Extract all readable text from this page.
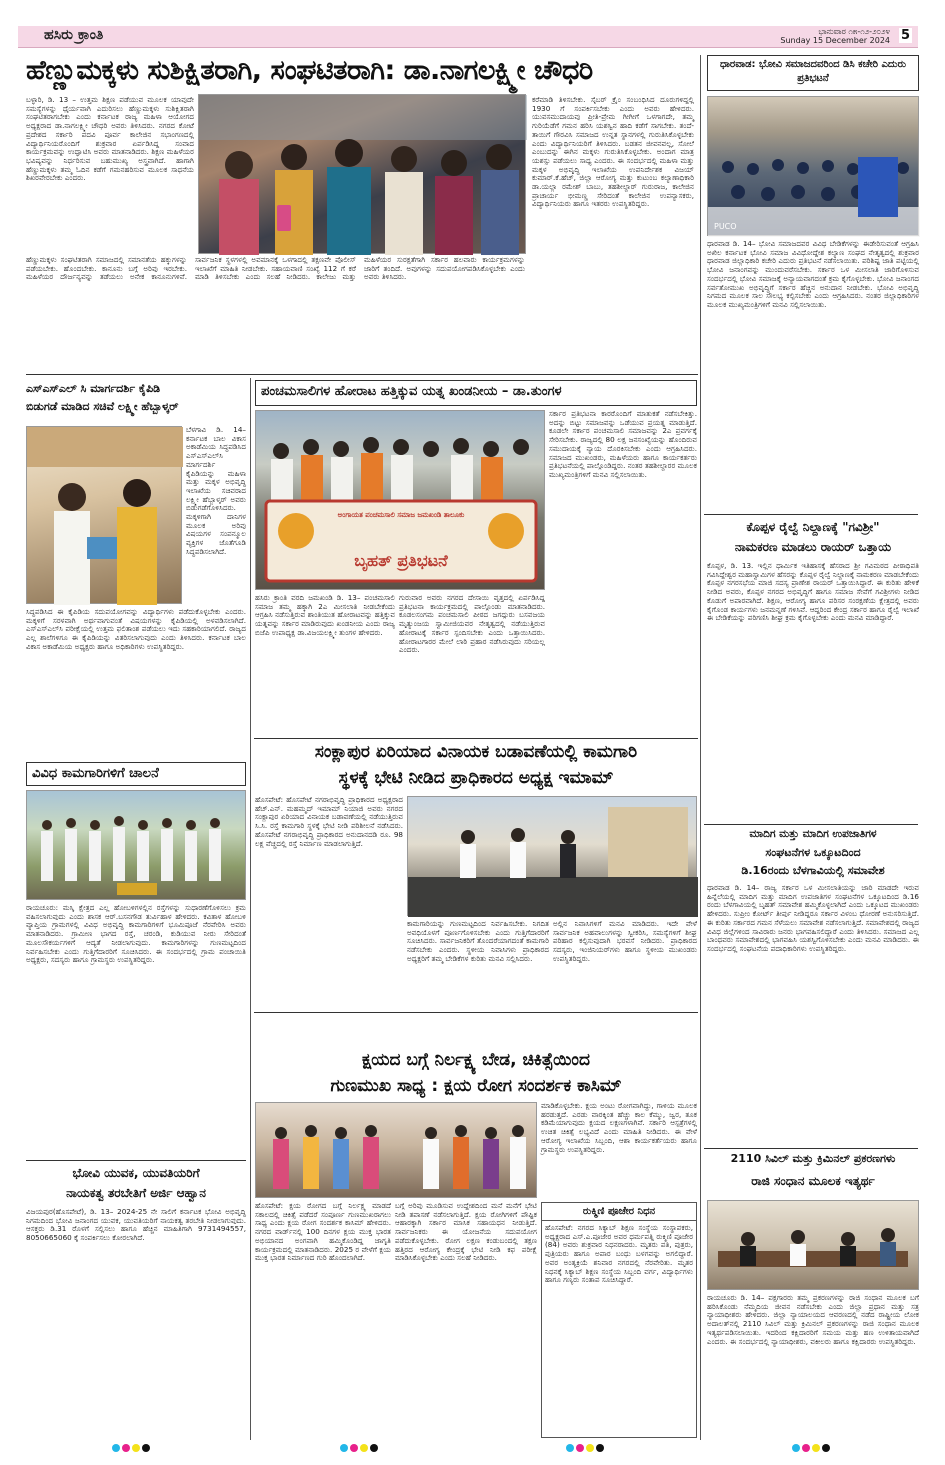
ಹಸಿರು ಕ್ರಾಂತಿ	ಭಾನುವಾರ ೧೫-೧೨-೨೦೨೪
Sunday 15 December 2024 5
ಹೆಣ್ಣುಮಕ್ಕಳು ಸುಶಿಕ್ಷಿತರಾಗಿ, ಸಂಘಟಿತರಾಗಿ: ಡಾ.ನಾಗಲಕ್ಷ್ಮೀ ಚೌಧರಿ
ಬಳ್ಳಾರಿ, ಡಿ. 13 – ಉತ್ತಮ ಶಿಕ್ಷಣ ಪಡೆಯುವ ಮೂಲಕ ಯಾವುದೇ ಸಮಸ್ಯೆಗಳನ್ನು ಧೈರ್ಯವಾಗಿ ಎದುರಿಸಲು ಹೆಣ್ಣುಮಕ್ಕಳು ಸುಶಿಕ್ಷಿತರಾಗಿ ಸಂಘಟಿತರಾಗಬೇಕು ಎಂದು ಕರ್ನಾಟಕ ರಾಜ್ಯ ಮಹಿಳಾ ಆಯೋಗದ ಅಧ್ಯಕ್ಷರಾದ ಡಾ.ನಾಗಲಕ್ಷ್ಮೀ ಚೌಧರಿ ಅವರು ತಿಳಿಸಿದರು. ನಗರದ ಕೋಟೆ ಪ್ರದೇಶದ ಸರ್ಕಾರಿ ಪದವಿ ಪೂರ್ವ ಕಾಲೇಜಿನ ಸಭಾಂಗಣದಲ್ಲಿ ವಿದ್ಯಾರ್ಥಿನಿಯರೊಂದಿಗೆ ಶುಕ್ರವಾರ ಏರ್ಪಡಿಸಿದ್ದ ಸಂವಾದ ಕಾರ್ಯಕ್ರಮವನ್ನು ಉದ್ಘಾಟಿಸಿ ಅವರು ಮಾತನಾಡಿದರು. ಶಿಕ್ಷಣ ಮಹಿಳೆಯರ ಭವಿಷ್ಯವನ್ನು ನಿರ್ಧರಿಸುವ ಬಹುಮುಖ್ಯ ಅಸ್ತ್ರವಾಗಿದೆ. ಹಾಗಾಗಿ ಹೆಣ್ಣುಮಕ್ಕಳು ತಮ್ಮ ಓದಿನ ಕಡೆಗೆ ಗಮನಹರಿಸುವ ಮೂಲಕ ಸಾಧನೆಯ ಶಿಖರವೇರಬೇಕು ಎಂದರು.
ಕರೆಮಾಡಿ ತಿಳಿಸಬೇಕು. ಸೈಬರ್ ಕ್ರೈಂ ಸಂಬಂಧಿಸಿದ ದೂರುಗಳಿದ್ದಲ್ಲಿ 1930 ಗೆ ಸಂಪರ್ಕಿಸಬೇಕು ಎಂದು ಅವರು ಹೇಳಿದರು. ಯುವಸಮುದಾಯವು ಪ್ರೀತಿ-ಪ್ರೇಮ ಗೀಗೀಗೆ ಒಳಗಾಗದೇ, ತಮ್ಮ ಗುರಿಯೆಡೆಗೆ ಗಮನ ಹರಿಸಿ ಯಶಸ್ವಿನ ಹಾದಿ ಕಡೆಗೆ ಸಾಗಬೇಕು. ತಂದೆ-ತಾಯಿಗೆ ಗೌರವಿಸಿ ಸಮಾಜದ ಉನ್ನತ ಸ್ಥಾನಗಳಲ್ಲಿ ಗುರುತಿಸಿಕೊಳ್ಳಬೇಕು ಎಂದು ವಿದ್ಯಾರ್ಥಿನಿಯರಿಗೆ ತಿಳಿಸಿದರು. ಬಡತನ ಜೀವನವಲ್ಲ, ಸೋಲೆ ಎಂಬುದನ್ನು ಈಗಿನ ಮಕ್ಕಳು ಗುರುತಿಸಿಕೊಳ್ಳಬೇಕು. ಅಂದಾಗ ಮಾತ್ರ ಯಶಸ್ಸು ಪಡೆಯಲು ಸಾಧ್ಯ ಎಂದರು. ಈ ಸಂದರ್ಭದಲ್ಲಿ ಮಹಿಳಾ ಮತ್ತು ಮಕ್ಕಳ ಅಭಿವೃದ್ಧಿ ಇಲಾಖೆಯ ಉಪನಿರ್ದೇಶಕ ವಿಜಯ್ ಕುಮಾರ್.ಕೆ.ಹೆಚ್, ಜಿಲ್ಲಾ ಆರೋಗ್ಯ ಮತ್ತು ಕುಟುಂಬ ಕಲ್ಯಾಣಾಧಿಕಾರಿ ಡಾ.ಯಲ್ಲಾ ರಮೇಶ್ ಬಾಬು, ತಹಶೀಲ್ದಾರ್ ಗುರುರಾಜ, ಕಾಲೇಜಿನ ಪ್ರಾಚಾರ್ಯ ಭೀಮಣ್ಣ ಸೇರಿದಂತೆ ಕಾಲೇಜಿನ ಉಪನ್ಯಾಸಕರು, ವಿದ್ಯಾರ್ಥಿನಿಯರು ಹಾಗೂ ಇತರರು ಉಪಸ್ಥಿತರಿದ್ದರು.
ಹೆಣ್ಣುಮಕ್ಕಳು ಸಂಘಟಿತರಾಗಿ ಸಮಾಜದಲ್ಲಿ ಸಮಾನತೆಯ ಹಕ್ಕುಗಳನ್ನು ಪಡೆಯಬೇಕು. ಹೊಂದಬೇಕು. ಕಾನೂನು ಬಗ್ಗೆ ಅರಿವು ಇರಬೇಕು. ಮಹಿಳೆಯರ ದೌರ್ಜನ್ಯವನ್ನು ತಡೆಯಲು ಅನೇಕ ಕಾನೂನುಗಳಿವೆ. ಸಾರ್ವಜನಿಕ ಸ್ಥಳಗಳಲ್ಲಿ ಅವಮಾನಕ್ಕೆ ಒಳಗಾದಲ್ಲಿ ತಕ್ಷಣವೇ ಪೊಲೀಸ್ ಇಲಾಖೆಗೆ ಮಾಹಿತಿ ನೀಡಬೇಕು. ಸಹಾಯವಾಣಿ ಸಂಖ್ಯೆ 112 ಗೆ ಕರೆ ಮಾಡಿ ತಿಳಿಸಬೇಕು ಎಂದು ಸಲಹೆ ನೀಡಿದರು. ಕಾಲೇಜು ಮತ್ತು ಮಹಿಳೆಯರ ಸುರಕ್ಷತೆಗಾಗಿ ಸರ್ಕಾರ ಹಲವಾರು ಕಾರ್ಯಕ್ರಮಗಳನ್ನು ಜಾರಿಗೆ ತಂದಿದೆ. ಅವುಗಳನ್ನು ಸದುಪಯೋಗಪಡಿಸಿಕೊಳ್ಳಬೇಕು ಎಂದು ಅವರು ತಿಳಿಸಿದರು.
ಧಾರವಾಡ: ಭೋವಿ ಸಮಾಜದವರಿಂದ ಡಿಸಿ ಕಚೇರಿ ಎದುರು ಪ್ರತಿಭಟನೆ
PUCO
ಧಾರವಾಡ ಡಿ. 14– ಭೋವಿ ಸಮಾಜದವರ ವಿವಿಧ ಬೇಡಿಕೆಗಳನ್ನು ಈಡೇರಿಸುವಂತೆ ಆಗ್ರಹಿಸಿ ಅಖಿಲ ಕರ್ನಾಟಕ ಭೋವಿ ಸಮಾಜ ವಿವಿಧೋದ್ದೇಶ ಕಲ್ಯಾಣ ಸಂಘದ ನೇತೃತ್ವದಲ್ಲಿ ಶುಕ್ರವಾರ ಧಾರವಾಡ ಜಿಲ್ಲಾಧಿಕಾರಿ ಕಚೇರಿ ಎದುರು ಪ್ರತಿಭಟನೆ ನಡೆಸಲಾಯಿತು. ಪರಿಶಿಷ್ಟ ಜಾತಿ ಪಟ್ಟಿಯಲ್ಲಿ ಭೋವಿ ಜನಾಂಗವನ್ನು ಮುಂದುವರೆಸಬೇಕು. ಸರ್ಕಾರ ಒಳ ಮೀಸಲಾತಿ ಜಾರಿಗೊಳಿಸುವ ಸಂದರ್ಭದಲ್ಲಿ ಭೋವಿ ಸಮಾಜಕ್ಕೆ ಅನ್ಯಾಯವಾಗದಂತೆ ಕ್ರಮ ಕೈಗೊಳ್ಳಬೇಕು. ಭೋವಿ ಜನಾಂಗದ ಸರ್ವತೋಮುಖ ಅಭಿವೃದ್ಧಿಗೆ ಸರ್ಕಾರ ಹೆಚ್ಚಿನ ಅನುದಾನ ನೀಡಬೇಕು. ಭೋವಿ ಅಭಿವೃದ್ಧಿ ನಿಗಮದ ಮೂಲಕ ಸಾಲ ಸೌಲಭ್ಯ ಕಲ್ಪಿಸಬೇಕು ಎಂದು ಆಗ್ರಹಿಸಿದರು. ನಂತರ ಜಿಲ್ಲಾಧಿಕಾರಿಗಳ ಮೂಲಕ ಮುಖ್ಯಮಂತ್ರಿಗಳಿಗೆ ಮನವಿ ಸಲ್ಲಿಸಲಾಯಿತು.
ಕೊಪ್ಪಳ ರೈಲ್ವೆ ನಿಲ್ದಾಣಕ್ಕೆ "ಗವಿಶ್ರೀ"
ನಾಮಕರಣ ಮಾಡಲು ರಾಯರ್ ಒತ್ತಾಯ
ಕೊಪ್ಪಳ, ಡಿ. 13. ಇಲ್ಲಿನ ಧಾರ್ಮಿಕ ಇತಿಹಾಸಕ್ಕೆ ಹೆಸರಾದ ಶ್ರೀ ಗವಿಮಠದ ಪೀಠಾಧಿಪತಿ ಗವಿಸಿದ್ದೇಶ್ವರ ಮಹಾಸ್ವಾಮಿಗಳ ಹೆಸರನ್ನು ಕೊಪ್ಪಳ ರೈಲ್ವೆ ನಿಲ್ದಾಣಕ್ಕೆ ನಾಮಕರಣ ಮಾಡಬೇಕೆಂದು ಕೊಪ್ಪಳ ನಗರಸಭೆಯ ಮಾಜಿ ಸದಸ್ಯ ಪ್ರಾಣೇಶ ರಾಯರ್ ಒತ್ತಾಯಿಸಿದ್ದಾರೆ. ಈ ಕುರಿತು ಹೇಳಿಕೆ ನೀಡಿದ ಅವರು, ಕೊಪ್ಪಳ ನಗರದ ಅಭಿವೃದ್ಧಿಗೆ ಹಾಗೂ ಸಮಾಜ ಸೇವೆಗೆ ಗವಿಶ್ರೀಗಳು ನೀಡಿದ ಕೊಡುಗೆ ಅಪಾರವಾಗಿದೆ. ಶಿಕ್ಷಣ, ಆರೋಗ್ಯ ಹಾಗೂ ಪರಿಸರ ಸಂರಕ್ಷಣೆಯ ಕ್ಷೇತ್ರದಲ್ಲಿ ಅವರು ಕೈಗೊಂಡ ಕಾರ್ಯಗಳು ಜನಮನ್ನಣೆ ಗಳಿಸಿವೆ. ಆದ್ದರಿಂದ ಕೇಂದ್ರ ಸರ್ಕಾರ ಹಾಗೂ ರೈಲ್ವೆ ಇಲಾಖೆ ಈ ಬೇಡಿಕೆಯನ್ನು ಪರಿಗಣಿಸಿ ಶೀಘ್ರ ಕ್ರಮ ಕೈಗೊಳ್ಳಬೇಕು ಎಂದು ಮನವಿ ಮಾಡಿದ್ದಾರೆ.
ಮಾದಿಗ ಮತ್ತು ಮಾದಿಗ ಉಪಜಾತಿಗಳ
ಸಂಘಟನೆಗಳ ಒಕ್ಕೂಟದಿಂದ
ಡಿ.16ರಂದು ಬೆಳಗಾವಿಯಲ್ಲಿ ಸಮಾವೇಶ
ಧಾರವಾಡ ಡಿ. 14– ರಾಜ್ಯ ಸರ್ಕಾರ ಒಳ ಮೀಸಲಾತಿಯನ್ನು ಜಾರಿ ಮಾಡದೇ ಇರುವ ಹಿನ್ನೆಲೆಯಲ್ಲಿ ಮಾದಿಗ ಮತ್ತು ಮಾದಿಗ ಉಪಜಾತಿಗಳ ಸಂಘಟನೆಗಳ ಒಕ್ಕೂಟದಿಂದ ಡಿ.16 ರಂದು ಬೆಳಗಾವಿಯಲ್ಲಿ ಬೃಹತ್ ಸಮಾವೇಶ ಹಮ್ಮಿಕೊಳ್ಳಲಾಗಿದೆ ಎಂದು ಒಕ್ಕೂಟದ ಮುಖಂಡರು ಹೇಳಿದರು. ಸುಪ್ರೀಂ ಕೋರ್ಟ್ ತೀರ್ಪು ನೀಡಿದ್ದರೂ ಸರ್ಕಾರ ವಿಳಂಬ ಧೋರಣೆ ಅನುಸರಿಸುತ್ತಿದೆ. ಈ ಕುರಿತು ಸರ್ಕಾರದ ಗಮನ ಸೆಳೆಯಲು ಸಮಾವೇಶ ನಡೆಸಲಾಗುತ್ತಿದೆ. ಸಮಾವೇಶದಲ್ಲಿ ರಾಜ್ಯದ ವಿವಿಧ ಜಿಲ್ಲೆಗಳಿಂದ ಸಾವಿರಾರು ಜನರು ಭಾಗವಹಿಸಲಿದ್ದಾರೆ ಎಂದು ತಿಳಿಸಿದರು. ಸಮಾಜದ ಎಲ್ಲ ಬಾಂಧವರು ಸಮಾವೇಶದಲ್ಲಿ ಭಾಗವಹಿಸಿ ಯಶಸ್ವಿಗೊಳಿಸಬೇಕು ಎಂದು ಮನವಿ ಮಾಡಿದರು. ಈ ಸಂದರ್ಭದಲ್ಲಿ ಸಂಘಟನೆಯ ಪದಾಧಿಕಾರಿಗಳು ಉಪಸ್ಥಿತರಿದ್ದರು.
2110 ಸಿವಿಲ್ ಮತ್ತು ಕ್ರಿಮಿನಲ್ ಪ್ರಕರಣಗಳು
ರಾಜಿ ಸಂಧಾನ ಮೂಲಕ ಇತ್ಯರ್ಥ
ರಾಯಚೂರು ಡಿ. 14– ಪಕ್ಷಗಾರರು ತಮ್ಮ ಪ್ರಕರಣಗಳನ್ನು ರಾಜಿ ಸಂಧಾನ ಮೂಲಕ ಬಗೆ ಹರಿಸಿಕೊಂಡು ನೆಮ್ಮದಿಯ ಜೀವನ ನಡೆಸಬೇಕು ಎಂದು ಜಿಲ್ಲಾ ಪ್ರಧಾನ ಮತ್ತು ಸತ್ರ ನ್ಯಾಯಾಧೀಶರು ಹೇಳಿದರು. ಜಿಲ್ಲಾ ನ್ಯಾಯಾಲಯದ ಆವರಣದಲ್ಲಿ ನಡೆದ ರಾಷ್ಟ್ರೀಯ ಲೋಕ ಅದಾಲತ್‌ನಲ್ಲಿ 2110 ಸಿವಿಲ್ ಮತ್ತು ಕ್ರಿಮಿನಲ್ ಪ್ರಕರಣಗಳನ್ನು ರಾಜಿ ಸಂಧಾನ ಮೂಲಕ ಇತ್ಯರ್ಥಪಡಿಸಲಾಯಿತು. ಇದರಿಂದ ಕಕ್ಷಿದಾರರಿಗೆ ಸಮಯ ಮತ್ತು ಹಣ ಉಳಿತಾಯವಾಗಿದೆ ಎಂದರು. ಈ ಸಂದರ್ಭದಲ್ಲಿ ನ್ಯಾಯಾಧೀಶರು, ವಕೀಲರು ಹಾಗೂ ಕಕ್ಷಿದಾರರು ಉಪಸ್ಥಿತರಿದ್ದರು.
ಎಸ್‌ಎಸ್‌ಎಲ್ ಸಿ ಮಾರ್ಗದರ್ಶಿ ಕೈಪಿಡಿ
ಬಿಡುಗಡೆ ಮಾಡಿದ ಸಚಿವೆ ಲಕ್ಷ್ಮೀ ಹೆಬ್ಬಾಳ್ಕರ್
ಬೆಳಗಾವಿ ಡಿ. 14– ಕರ್ನಾಟಕ ಬಾಲ ವಿಕಾಸ ಅಕಾಡೆಮಿಯ ಸಿದ್ಧಪಡಿಸಿದ ಎಸ್‌ಎಸ್‌ಎಲ್‌ಸಿ ಮಾರ್ಗದರ್ಶಿ ಕೈಪಿಡಿಯನ್ನು ಮಹಿಳಾ ಮತ್ತು ಮಕ್ಕಳ ಅಭಿವೃದ್ಧಿ ಇಲಾಖೆಯ ಸಚಿವರಾದ ಲಕ್ಷ್ಮೀ ಹೆಬ್ಬಾಳ್ಕರ್ ಅವರು ಬಿಡುಗಡೆಗೊಳಿಸಿದರು. ಮಕ್ಕಳಿಗಾಗಿ ದಾನಿಗಳ ಮೂಲಕ ಅರಿವು ವಿಷಯಗಳ ಸಂಪನ್ಮೂಲ ವ್ಯಕ್ತಿಗಳ ಜೊತೆಗೂಡಿ ಸಿದ್ಧಪಡಿಸಲಾಗಿದೆ.
ಸಿದ್ಧಪಡಿಸಿದ ಈ ಕೈಪಿಡಿಯ ಸದುಪಯೋಗವನ್ನು ವಿದ್ಯಾರ್ಥಿಗಳು ಪಡೆದುಕೊಳ್ಳಬೇಕು ಎಂದರು. ಮಕ್ಕಳಿಗೆ ಸರಳವಾಗಿ ಅರ್ಥವಾಗುವಂತೆ ವಿಷಯಗಳನ್ನು ಕೈಪಿಡಿಯಲ್ಲಿ ಅಳವಡಿಸಲಾಗಿದೆ. ಎಸ್‌ಎಸ್‌ಎಲ್‌ಸಿ ಪರೀಕ್ಷೆಯಲ್ಲಿ ಉತ್ತಮ ಫಲಿತಾಂಶ ಪಡೆಯಲು ಇದು ಸಹಕಾರಿಯಾಗಲಿದೆ. ರಾಜ್ಯದ ಎಲ್ಲ ಶಾಲೆಗಳಿಗೂ ಈ ಕೈಪಿಡಿಯನ್ನು ವಿತರಿಸಲಾಗುವುದು ಎಂದು ತಿಳಿಸಿದರು. ಕರ್ನಾಟಕ ಬಾಲ ವಿಕಾಸ ಅಕಾಡೆಮಿಯ ಅಧ್ಯಕ್ಷರು ಹಾಗೂ ಅಧಿಕಾರಿಗಳು ಉಪಸ್ಥಿತರಿದ್ದರು.
ವಿವಿಧ ಕಾಮಗಾರಿಗಳಿಗೆ ಚಾಲನೆ
ರಾಯಚೂರು: ಮಸ್ಕಿ ಕ್ಷೇತ್ರದ ಎಲ್ಲ ಹೋಬಳಿಗಳಲ್ಲಿನ ರಸ್ತೆಗಳನ್ನು ಸುಧಾರಣೆಗೊಳಿಸಲು ಕ್ರಮ ವಹಿಸಲಾಗುವುದು ಎಂದು ಶಾಸಕ ಆರ್.ಬಸನಗೌಡ ತುರ್ವಿಹಾಳ ಹೇಳಿದರು. ಕವಿತಾಳ ಹೋಬಳಿ ವ್ಯಾಪ್ತಿಯ ಗ್ರಾಮಗಳಲ್ಲಿ ವಿವಿಧ ಅಭಿವೃದ್ಧಿ ಕಾಮಗಾರಿಗಳಿಗೆ ಭೂಮಿಪೂಜೆ ನೆರವೇರಿಸಿ ಅವರು ಮಾತನಾಡಿದರು. ಗ್ರಾಮೀಣ ಭಾಗದ ರಸ್ತೆ, ಚರಂಡಿ, ಕುಡಿಯುವ ನೀರು ಸೇರಿದಂತೆ ಮೂಲಸೌಕರ್ಯಗಳಿಗೆ ಆದ್ಯತೆ ನೀಡಲಾಗುವುದು. ಕಾಮಗಾರಿಗಳನ್ನು ಗುಣಮಟ್ಟದಿಂದ ನಿರ್ವಹಿಸಬೇಕು ಎಂದು ಗುತ್ತಿಗೆದಾರರಿಗೆ ಸೂಚಿಸಿದರು. ಈ ಸಂದರ್ಭದಲ್ಲಿ ಗ್ರಾಮ ಪಂಚಾಯಿತಿ ಅಧ್ಯಕ್ಷರು, ಸದಸ್ಯರು ಹಾಗೂ ಗ್ರಾಮಸ್ಥರು ಉಪಸ್ಥಿತರಿದ್ದರು.
ಭೋವಿ ಯುವಕ, ಯುವತಿಯರಿಗೆ
ನಾಯಕತ್ವ ತರಬೇತಿಗೆ ಅರ್ಜಿ ಆಹ್ವಾನ
ವಿಜಯಪುರ(ಹೊಸಪೇಟೆ), ಡಿ. 13– 2024-25 ನೇ ಸಾಲಿಗೆ ಕರ್ನಾಟಕ ಭೋವಿ ಅಭಿವೃದ್ಧಿ ನಿಗಮದಿಂದ ಭೋವಿ ಜನಾಂಗದ ಯುವಕ, ಯುವತಿಯರಿಗೆ ನಾಯಕತ್ವ ತರಬೇತಿ ನೀಡಲಾಗುವುದು. ಆಸಕ್ತರು ಡಿ.31 ರೊಳಗೆ ಸಲ್ಲಿಸಲು ಹಾಗೂ ಹೆಚ್ಚಿನ ಮಾಹಿತಿಗಾಗಿ 9731494557, 8050665060 ಕ್ಕೆ ಸಂಪರ್ಕಿಸಲು ಕೋರಲಾಗಿದೆ.
ಪಂಚಮಸಾಲಿಗಳ ಹೋರಾಟ ಹತ್ತಿಕ್ಕುವ ಯತ್ನ ಖಂಡನೀಯ – ಡಾ.ತುಂಗಳ
ಅಂಗಾಯತ ಪಂಚಮಸಾಲಿ ಸಮಾಜ ಜಮಖಂಡಿ ತಾಲೂಕು
ಬೃಹತ್ ಪ್ರತಿಭಟನೆ
ಸರ್ಕಾರ ಪ್ರತಿಭಟನಾ ಕಾರರೊಂದಿಗೆ ಮಾತುಕತೆ ನಡೆಸಬೇಕಿತ್ತು. ಅದನ್ನು ಬಿಟ್ಟು ಸಮಾಜವನ್ನು ಒಡೆಯುವ ಪ್ರಯತ್ನ ಮಾಡುತ್ತಿದೆ. ಕೂಡಲೇ ಸರ್ಕಾರ ಪಂಚಮಸಾಲಿ ಸಮಾಜವನ್ನು 2ಎ ಪ್ರವರ್ಗಕ್ಕೆ ಸೇರಿಸಬೇಕು. ರಾಜ್ಯದಲ್ಲಿ 80 ಲಕ್ಷ ಜನಸಂಖ್ಯೆಯನ್ನು ಹೊಂದಿರುವ ಸಮುದಾಯಕ್ಕೆ ನ್ಯಾಯ ದೊರಕಿಸಬೇಕು ಎಂದು ಆಗ್ರಹಿಸಿದರು. ಸಮಾಜದ ಮುಖಂಡರು, ಮಹಿಳೆಯರು ಹಾಗೂ ಕಾರ್ಯಕರ್ತರು ಪ್ರತಿಭಟನೆಯಲ್ಲಿ ಪಾಲ್ಗೊಂಡಿದ್ದರು. ನಂತರ ತಹಶೀಲ್ದಾರರ ಮೂಲಕ ಮುಖ್ಯಮಂತ್ರಿಗಳಿಗೆ ಮನವಿ ಸಲ್ಲಿಸಲಾಯಿತು.
ಹಸಿರು ಕ್ರಾಂತಿ ವರದಿ ಜಮಖಂಡಿ ಡಿ. 13– ಪಂಚಮಸಾಲಿ ಸಮಾಜ ತಮ್ಮ ಹಕ್ಕಾಗಿ 2ಎ ಮೀಸಲಾತಿ ನೀಡಬೇಕೆಂದು ಆಗ್ರಹಿಸಿ ನಡೆಸುತ್ತಿರುವ ಶಾಂತಿಯುತ ಹೋರಾಟವನ್ನು ಹತ್ತಿಕ್ಕುವ ಯತ್ನವನ್ನು ಸರ್ಕಾರ ಮಾಡಿರುವುದು ಖಂಡನೀಯ ಎಂದು ರಾಜ್ಯ ಬಿಜೆಪಿ ಉಪಾಧ್ಯಕ್ಷ ಡಾ.ವಿಜಯಲಕ್ಷ್ಮೀ ತುಂಗಳ ಹೇಳಿದರು.
ಗುರುವಾರ ಅವರು ನಗರದ ದೇಸಾಯಿ ವೃತ್ತದಲ್ಲಿ ಏರ್ಪಡಿಸಿದ್ದ ಪ್ರತಿಭಟನಾ ಕಾರ್ಯಕ್ರಮದಲ್ಲಿ ಪಾಲ್ಗೊಂಡು ಮಾತನಾಡಿದರು. ಕೂಡಲಸಂಗಮ ಪಂಚಮಸಾಲಿ ಪೀಠದ ಜಗದ್ಗುರು ಬಸವಜಯ ಮೃತ್ಯುಂಜಯ ಸ್ವಾಮೀಜಿಯವರ ನೇತೃತ್ವದಲ್ಲಿ ನಡೆಯುತ್ತಿರುವ ಹೋರಾಟಕ್ಕೆ ಸರ್ಕಾರ ಸ್ಪಂದಿಸಬೇಕು ಎಂದು ಒತ್ತಾಯಿಸಿದರು. ಹೋರಾಟಗಾರರ ಮೇಲೆ ಲಾಠಿ ಪ್ರಹಾರ ನಡೆಸಿರುವುದು ಸರಿಯಲ್ಲ ಎಂದರು.
ಸಂಕ್ಲಾಪುರ ಏರಿಯಾದ ವಿನಾಯಕ ಬಡಾವಣೆಯಲ್ಲಿ ಕಾಮಗಾರಿ
ಸ್ಥಳಕ್ಕೆ ಭೇಟಿ ನೀಡಿದ ಪ್ರಾಧಿಕಾರದ ಅಧ್ಯಕ್ಷ ಇಮಾಮ್
ಹೊಸಪೇಟೆ: ಹೊಸಪೇಟೆ ನಗರಾಭಿವೃದ್ಧಿ ಪ್ರಾಧಿಕಾರದ ಅಧ್ಯಕ್ಷರಾದ ಹೆಚ್.ಎನ್. ಮಹಮ್ಮದ್ ಇಮಾಮ್ ನಿಯಾಜಿ ಅವರು ನಗರದ ಸಂಕ್ಲಾಪುರ ಏರಿಯಾದ ವಿನಾಯಕ ಬಡಾವಣೆಯಲ್ಲಿ ನಡೆಯುತ್ತಿರುವ ಸಿ.ಸಿ. ರಸ್ತೆ ಕಾಮಗಾರಿ ಸ್ಥಳಕ್ಕೆ ಭೇಟಿ ನೀಡಿ ಪರಿಶೀಲನೆ ನಡೆಸಿದರು. ಹೊಸಪೇಟೆ ನಗರಾಭಿವೃದ್ಧಿ ಪ್ರಾಧಿಕಾರದ ಅನುದಾನದಡಿ ರೂ. 98 ಲಕ್ಷ ವೆಚ್ಚದಲ್ಲಿ ರಸ್ತೆ ನಿರ್ಮಾಣ ಮಾಡಲಾಗುತ್ತಿದೆ.
ಕಾಮಗಾರಿಯನ್ನು ಗುಣಮಟ್ಟದಿಂದ ನಿರ್ವಹಿಸಬೇಕು. ನಿಗದಿತ ಅವಧಿಯೊಳಗೆ ಪೂರ್ಣಗೊಳಿಸಬೇಕು ಎಂದು ಗುತ್ತಿಗೆದಾರರಿಗೆ ಸೂಚಿಸಿದರು. ಸಾರ್ವಜನಿಕರಿಗೆ ತೊಂದರೆಯಾಗದಂತೆ ಕಾಮಗಾರಿ ನಡೆಸಬೇಕು ಎಂದರು. ಸ್ಥಳೀಯ ನಿವಾಸಿಗಳು ಪ್ರಾಧಿಕಾರದ ಅಧ್ಯಕ್ಷರಿಗೆ ತಮ್ಮ ಬೇಡಿಕೆಗಳ ಕುರಿತು ಮನವಿ ಸಲ್ಲಿಸಿದರು.
ಅಲ್ಲಿನ ನಿವಾಸಿಗಳಿಗೆ ಮನವಿ ಮಾಡಿದರು. ಇದೇ ವೇಳೆ ಸಾರ್ವಜನಿಕ ಅಹವಾಲುಗಳನ್ನು ಸ್ವೀಕರಿಸಿ, ಸಮಸ್ಯೆಗಳಿಗೆ ಶೀಘ್ರ ಪರಿಹಾರ ಕಲ್ಪಿಸುವುದಾಗಿ ಭರವಸೆ ನೀಡಿದರು. ಪ್ರಾಧಿಕಾರದ ಸದಸ್ಯರು, ಇಂಜಿನಿಯರ್‌ಗಳು ಹಾಗೂ ಸ್ಥಳೀಯ ಮುಖಂಡರು ಉಪಸ್ಥಿತರಿದ್ದರು.
ಕ್ಷಯದ ಬಗ್ಗೆ ನಿರ್ಲಕ್ಷ್ಯ ಬೇಡ, ಚಿಕಿತ್ಸೆಯಿಂದ
ಗುಣಮುಖ ಸಾಧ್ಯ : ಕ್ಷಯ ರೋಗ ಸಂದರ್ಶಕ ಕಾಸಿಮ್
ಮಾಡಿಕೊಳ್ಳಬೇಕು. ಕ್ಷಯ ಅಂಟು ರೋಗವಾಗಿದ್ದು, ಗಾಳಿಯ ಮೂಲಕ ಹರಡುತ್ತದೆ. ಎರಡು ವಾರಕ್ಕಿಂತ ಹೆಚ್ಚು ಕಾಲ ಕೆಮ್ಮು, ಜ್ವರ, ತೂಕ ಕಡಿಮೆಯಾಗುವುದು ಕ್ಷಯದ ಲಕ್ಷಣಗಳಾಗಿವೆ. ಸರ್ಕಾರಿ ಆಸ್ಪತ್ರೆಗಳಲ್ಲಿ ಉಚಿತ ಚಿಕಿತ್ಸೆ ಲಭ್ಯವಿದೆ ಎಂದು ಮಾಹಿತಿ ನೀಡಿದರು. ಈ ವೇಳೆ ಆರೋಗ್ಯ ಇಲಾಖೆಯ ಸಿಬ್ಬಂದಿ, ಆಶಾ ಕಾರ್ಯಕರ್ತೆಯರು ಹಾಗೂ ಗ್ರಾಮಸ್ಥರು ಉಪಸ್ಥಿತರಿದ್ದರು.
ಹೊಸಪೇಟೆ: ಕ್ಷಯ ರೋಗದ ಬಗ್ಗೆ ನಿರ್ಲಕ್ಷ್ಯ ಮಾಡದೆ ಸಕಾಲದಲ್ಲಿ ಚಿಕಿತ್ಸೆ ಪಡೆದರೆ ಸಂಪೂರ್ಣ ಗುಣಮುಖರಾಗಲು ಸಾಧ್ಯ ಎಂದು ಕ್ಷಯ ರೋಗ ಸಂದರ್ಶಕ ಕಾಸಿಮ್ ಹೇಳಿದರು. ನಗರದ ವಾರ್ಡ್‌ನಲ್ಲಿ 100 ದಿನಗಳ ಕ್ಷಯ ಮುಕ್ತ ಭಾರತ ಅಭಿಯಾನದ ಅಂಗವಾಗಿ ಹಮ್ಮಿಕೊಂಡಿದ್ದ ಜಾಗೃತಿ ಕಾರ್ಯಕ್ರಮದಲ್ಲಿ ಮಾತನಾಡಿದರು. 2025 ರ ವೇಳೆಗೆ ಕ್ಷಯ ಮುಕ್ತ ಭಾರತ ನಿರ್ಮಾಣದ ಗುರಿ ಹೊಂದಲಾಗಿದೆ.
ಬಗ್ಗೆ ಅರಿವು ಮೂಡಿಸುವ ಉದ್ದೇಶದಿಂದ ಮನೆ ಮನೆಗೆ ಭೇಟಿ ನೀಡಿ ತಪಾಸಣೆ ನಡೆಸಲಾಗುತ್ತಿದೆ. ಕ್ಷಯ ರೋಗಿಗಳಿಗೆ ಪೌಷ್ಟಿಕ ಆಹಾರಕ್ಕಾಗಿ ಸರ್ಕಾರ ಮಾಸಿಕ ಸಹಾಯಧನ ನೀಡುತ್ತಿದೆ. ಸಾರ್ವಜನಿಕರು ಈ ಯೋಜನೆಯ ಸದುಪಯೋಗ ಪಡೆದುಕೊಳ್ಳಬೇಕು. ರೋಗ ಲಕ್ಷಣ ಕಂಡುಬಂದಲ್ಲಿ ತಕ್ಷಣ ಹತ್ತಿರದ ಆರೋಗ್ಯ ಕೇಂದ್ರಕ್ಕೆ ಭೇಟಿ ನೀಡಿ ಕಫ ಪರೀಕ್ಷೆ ಮಾಡಿಸಿಕೊಳ್ಳಬೇಕು ಎಂದು ಸಲಹೆ ನೀಡಿದರು.
ರುಕ್ಮಿಣಿ ಪೂಜೇರ ನಿಧನ
ಹೊಸಪೇಟೆ: ನಗರದ ಸಿಕ್ಯಾಬ್ ಶಿಕ್ಷಣ ಸಂಸ್ಥೆಯ ಸಂಸ್ಥಾಪಕರು, ಅಧ್ಯಕ್ಷರಾದ ಎಸ್.ಎ.ಪೂಜೇರ ಅವರ ಧರ್ಮಪತ್ನಿ ರುಕ್ಮಿಣಿ ಪೂಜೇರ (84) ಅವರು ಶುಕ್ರವಾರ ನಿಧನರಾದರು. ಮೃತರು ಪತಿ, ಪುತ್ರರು, ಪುತ್ರಿಯರು ಹಾಗೂ ಅಪಾರ ಬಂಧು ಬಳಗವನ್ನು ಅಗಲಿದ್ದಾರೆ. ಅವರ ಅಂತ್ಯಕ್ರಿಯೆ ಶನಿವಾರ ನಗರದಲ್ಲಿ ನೆರವೇರಿತು. ಮೃತರ ನಿಧನಕ್ಕೆ ಸಿಕ್ಯಾಬ್ ಶಿಕ್ಷಣ ಸಂಸ್ಥೆಯ ಸಿಬ್ಬಂದಿ ವರ್ಗ, ವಿದ್ಯಾರ್ಥಿಗಳು ಹಾಗೂ ಗಣ್ಯರು ಸಂತಾಪ ಸೂಚಿಸಿದ್ದಾರೆ.
